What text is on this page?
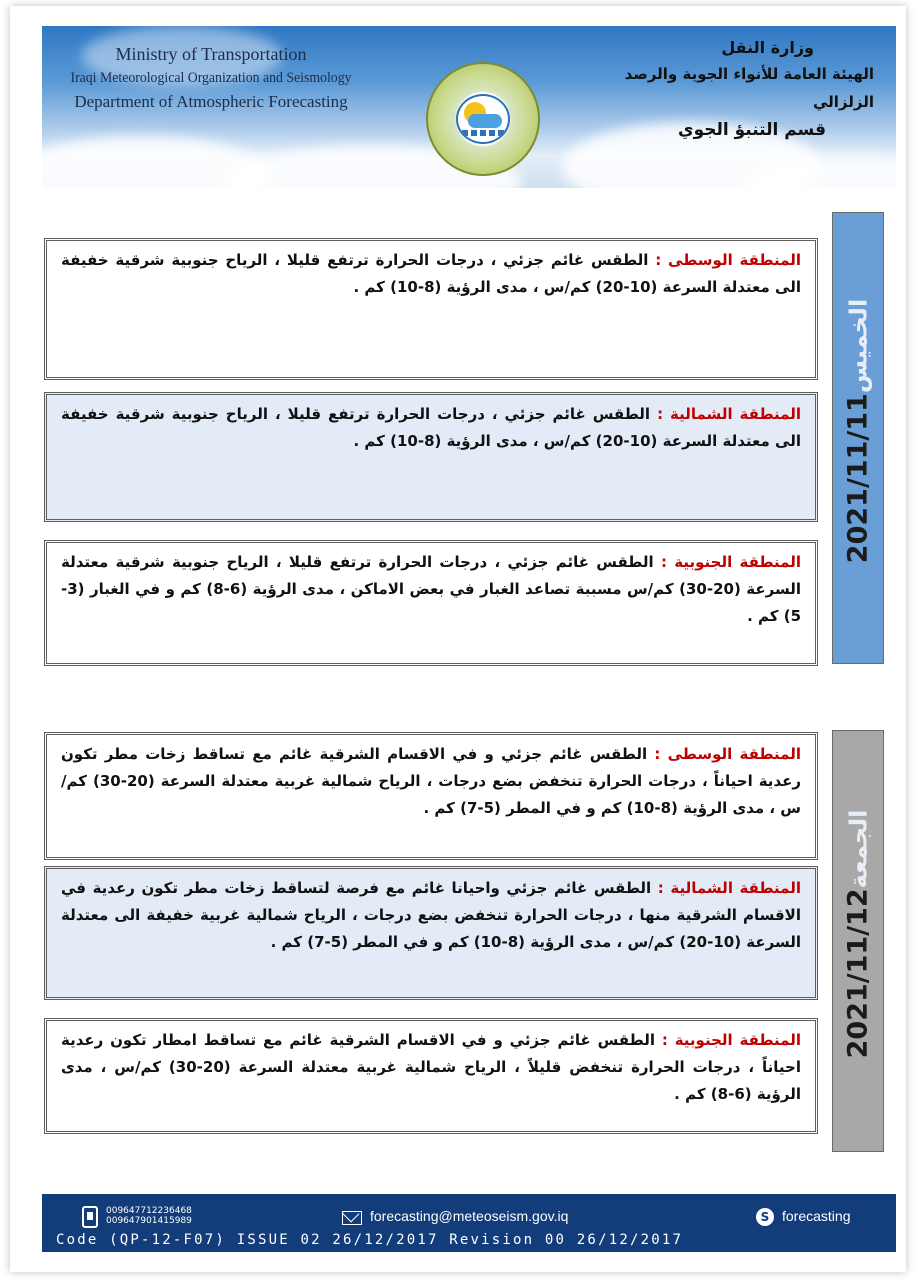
Ministry of Transportation
Iraqi Meteorological Organization and Seismology
Department of Atmospheric Forecasting
وزارة النقل
الهيئة العامة للأنواء الجوية والرصد الزلزالي
قسم التنبؤ الجوي
الخميس2021/11/11

المنطقة الوسطى : الطقس غائم جزئي ، درجات الحرارة ترتفع قليلا ، الرياح جنوبية شرقية خفيفة الى معتدلة السرعة (10-20) كم/س ، مدى الرؤية (8-10) كم .

المنطقة الشمالية : الطقس غائم جزئي ، درجات الحرارة ترتفع قليلا ، الرياح جنوبية شرقية خفيفة الى معتدلة السرعة (10-20) كم/س ، مدى الرؤية (8-10) كم .

المنطقة الجنوبية : الطقس غائم جزئي ، درجات الحرارة ترتفع قليلا ، الرياح جنوبية شرقية معتدلة السرعة (20-30) كم/س مسببة تصاعد الغبار في بعض الاماكن ، مدى الرؤية (6-8) كم و في الغبار (3-5) كم .

الجمعة2021/11/12

المنطقة الوسطى : الطقس غائم جزئي و في الاقسام الشرقية غائم مع تساقط زخات مطر تكون رعدية احياناً ، درجات الحرارة تنخفض بضع درجات ، الرياح شمالية غربية معتدلة السرعة (20-30) كم/س ، مدى الرؤية (8-10) كم و في المطر (5-7) كم .

المنطقة الشمالية : الطقس غائم جزئي واحيانا غائم مع فرصة لتساقط زخات مطر تكون رعدية في الاقسام الشرقية منها ، درجات الحرارة تنخفض بضع درجات ، الرياح شمالية غربية خفيفة الى معتدلة السرعة (10-20) كم/س ، مدى الرؤية (8-10) كم و في المطر (5-7) كم .

المنطقة الجنوبية : الطقس غائم جزئي و في الاقسام الشرقية غائم مع تساقط امطار تكون رعدية احياناً ، درجات الحرارة تنخفض قليلاً ، الرياح شمالية غربية معتدلة السرعة (20-30) كم/س ، مدى الرؤية (6-8) كم .

009647712236468
009647901415989	forecasting@meteoseism.gov.iq	S forecasting
Code (QP-12-F07) ISSUE 02 26/12/2017 Revision 00 26/12/2017
